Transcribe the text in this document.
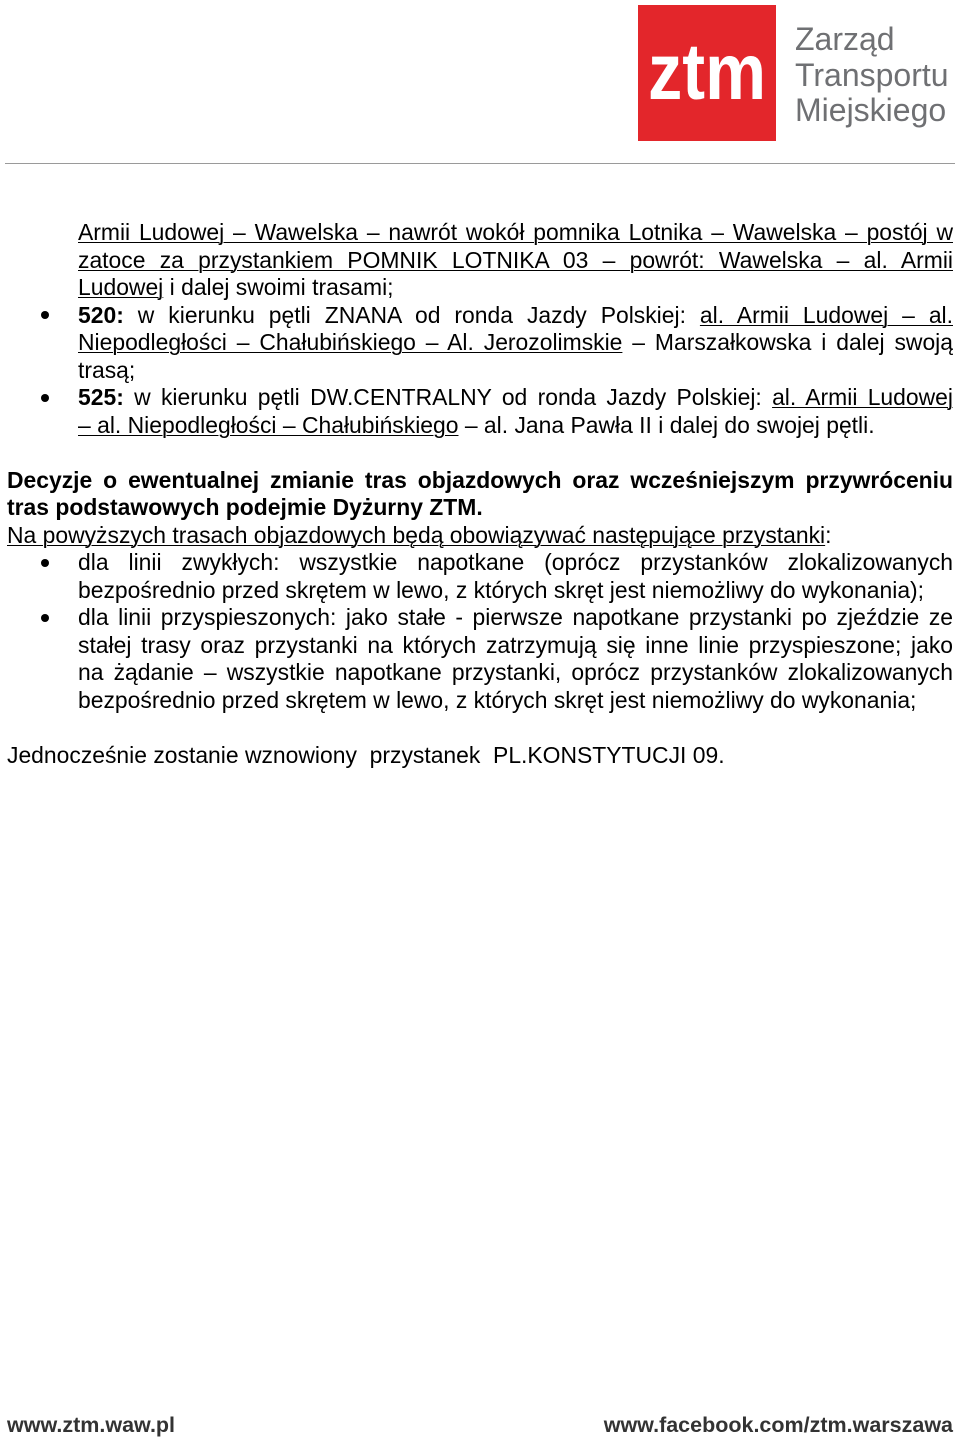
ztm Zarząd
Transportu
Miejskiego
Armii Ludowej – Wawelska – nawrót wokół pomnika Lotnika – Wawelska – postój w
zatoce za przystankiem POMNIK LOTNIKA 03 – powrót: Wawelska – al. Armii
Ludowej i dalej swoimi trasami;
520: w kierunku pętli ZNANA od ronda Jazdy Polskiej: al. Armii Ludowej – al.
Niepodległości – Chałubińskiego – Al. Jerozolimskie – Marszałkowska i dalej swoją
trasą;
525: w kierunku pętli DW.CENTRALNY od ronda Jazdy Polskiej: al. Armii Ludowej
– al. Niepodległości – Chałubińskiego – al. Jana Pawła II i dalej do swojej pętli.
Decyzje o ewentualnej zmianie tras objazdowych oraz wcześniejszym przywróceniu
tras podstawowych podejmie Dyżurny ZTM.
Na powyższych trasach objazdowych będą obowiązywać następujące przystanki:
dla linii zwykłych: wszystkie napotkane (oprócz przystanków zlokalizowanych
bezpośrednio przed skrętem w lewo, z których skręt jest niemożliwy do wykonania);
dla linii przyspieszonych: jako stałe - pierwsze napotkane przystanki po zjeździe ze
stałej trasy oraz przystanki na których zatrzymują się inne linie przyspieszone; jako
na żądanie – wszystkie napotkane przystanki, oprócz przystanków zlokalizowanych
bezpośrednio przed skrętem w lewo, z których skręt jest niemożliwy do wykonania;
Jednocześnie zostanie wznowiony  przystanek  PL.KONSTYTUCJI 09.
www.ztm.waw.pl	www.facebook.com/ztm.warszawa
